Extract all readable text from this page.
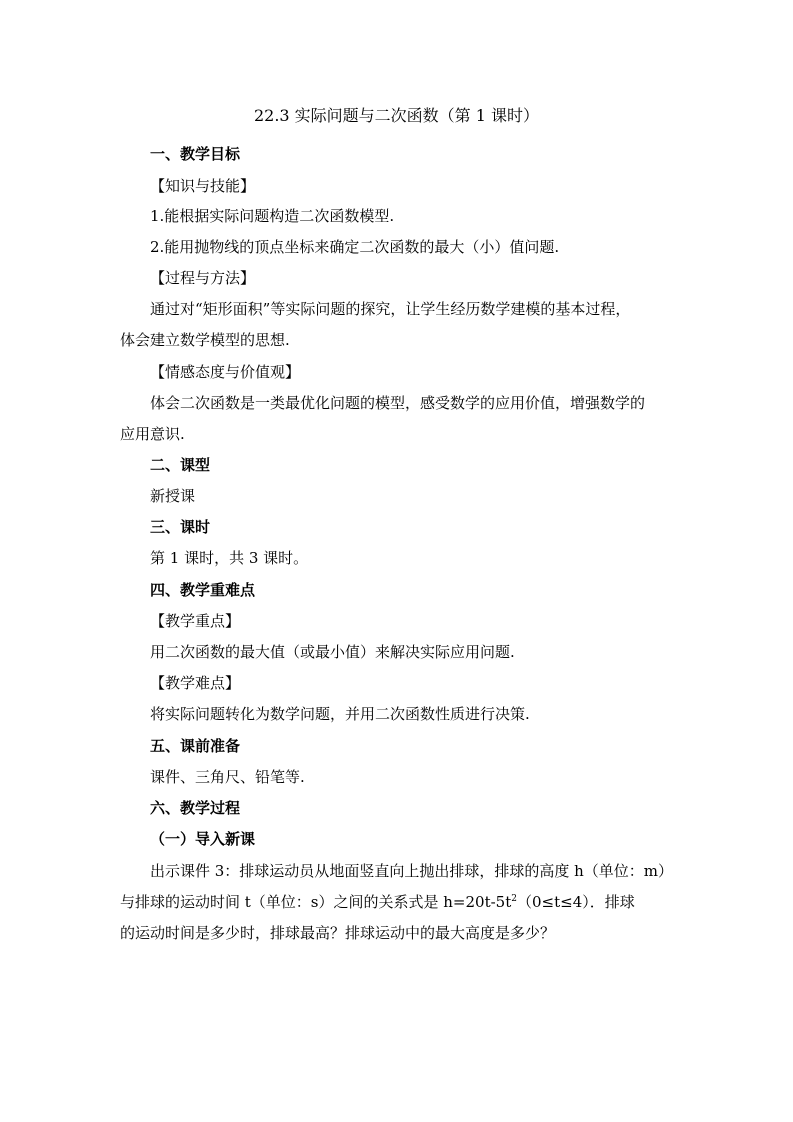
22.3 实际问题与二次函数（第 1 课时）
一、教学目标
【知识与技能】
1.能根据实际问题构造二次函数模型.
2.能用抛物线的顶点坐标来确定二次函数的最大（小）值问题.
【过程与方法】
通过对“矩形面积”等实际问题的探究，让学生经历数学建模的基本过程，
体会建立数学模型的思想.
【情感态度与价值观】
体会二次函数是一类最优化问题的模型，感受数学的应用价值，增强数学的
应用意识.
二、课型
新授课
三、课时
第 1 课时，共 3 课时。
四、教学重难点
【教学重点】
用二次函数的最大值（或最小值）来解决实际应用问题.
【教学难点】
将实际问题转化为数学问题，并用二次函数性质进行决策.
五、课前准备
课件、三角尺、铅笔等.
六、教学过程
（一）导入新课
出示课件 3：排球运动员从地面竖直向上抛出排球，排球的高度 h（单位：m）
与排球的运动时间 t（单位：s）之间的关系式是 $h=20t-5t^2(0\le t\le 4)$．排球
的运动时间是多少时，排球最高？排球运动中的最大高度是多少？
